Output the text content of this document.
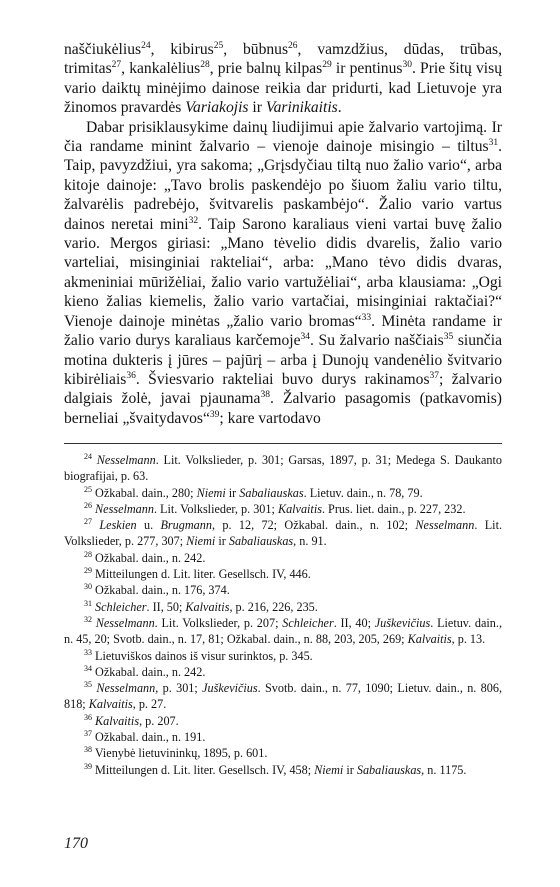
naščiukėlius$^{24}$, kibirus$^{25}$, būbnus$^{26}$, vamzdžius, dūdas, trūbas, trimitas$^{27}$, kankalėlius$^{28}$, prie balnų kilpas$^{29}$ ir pentinus$^{30}$. Prie šitų visų vario daiktų minėjimo dainose reikia dar pridurti, kad Lietuvoje yra žinomos pravardės Variakojis ir Varinikaitis.

Dabar prisiklausykime dainų liudijimui apie žalvario vartojimą. Ir čia randame minint žalvario – vienoje dainoje misingio – tiltus$^{31}$. Taip, pavyzdžiui, yra sakoma; „Grįsdyčiau tiltą nuo žalio vario“, arba kitoje dainoje: „Tavo brolis paskendėjo po šiuom žaliu vario tiltu, žalvarėlis padrebėjo, švitvarelis paskambėjo“. Žalio vario vartus dainos neretai mini$^{32}$. Taip Sarono karaliaus vieni vartai buvę žalio vario. Mergos giriasi: „Mano tėvelio didis dvarelis, žalio vario varteliai, misinginiai rakteliai“, arba: „Mano tėvo didis dvaras, akmeniniai mūrižėliai, žalio vario vartužėliai“, arba klausiama: „Ogi kieno žalias kiemelis, žalio vario vartačiai, misinginiai raktačiai?“ Vienoje dainoje minėtas „žalio vario bromas“$^{33}$. Minėta randame ir žalio vario durys karaliaus karčemoje$^{34}$. Su žalvario naščiais$^{35}$ siunčia motina dukteris į jūres – pajūrį – arba į Dunojų vandenėlio švitvario kibirėliais$^{36}$. Šviesvario rakteliai buvo durys rakinamos$^{37}$; žalvario dalgiais žolė, javai pjaunama$^{38}$. Žalvario pasagomis (patkavomis) berneliai „švaitydavos“$^{39}$; kare vartodavo

$^{24}$ Nesselmann. Lit. Volkslieder, p. 301; Garsas, 1897, p. 31; Medega S. Daukanto biografijai, p. 63.

$^{25}$ Ožkabal. dain., 280; Niemi ir Sabaliauskas. Lietuv. dain., n. 78, 79.

$^{26}$ Nesselmann. Lit. Volkslieder, p. 301; Kalvaitis. Prus. liet. dain., p. 227, 232.

$^{27}$ Leskien u. Brugmann, p. 12, 72; Ožkabal. dain., n. 102; Nesselmann. Lit. Volkslieder, p. 277, 307; Niemi ir Sabaliauskas, n. 91.

$^{28}$ Ožkabal. dain., n. 242.

$^{29}$ Mitteilungen d. Lit. liter. Gesellsch. IV, 446.

$^{30}$ Ožkabal. dain., n. 176, 374.

$^{31}$ Schleicher. II, 50; Kalvaitis, p. 216, 226, 235.

$^{32}$ Nesselmann. Lit. Volkslieder, p. 207; Schleicher. II, 40; Juškevičius. Lietuv. dain., n. 45, 20; Svotb. dain., n. 17, 81; Ožkabal. dain., n. 88, 203, 205, 269; Kalvaitis, p. 13.

$^{33}$ Lietuviškos dainos iš visur surinktos, p. 345.

$^{34}$ Ožkabal. dain., n. 242.

$^{35}$ Nesselmann, p. 301; Juškevičius. Svotb. dain., n. 77, 1090; Lietuv. dain., n. 806, 818; Kalvaitis, p. 27.

$^{36}$ Kalvaitis, p. 207.

$^{37}$ Ožkabal. dain., n. 191.

$^{38}$ Vienybė lietuvininkų, 1895, p. 601.

$^{39}$ Mitteilungen d. Lit. liter. Gesellsch. IV, 458; Niemi ir Sabaliauskas, n. 1175.

170
